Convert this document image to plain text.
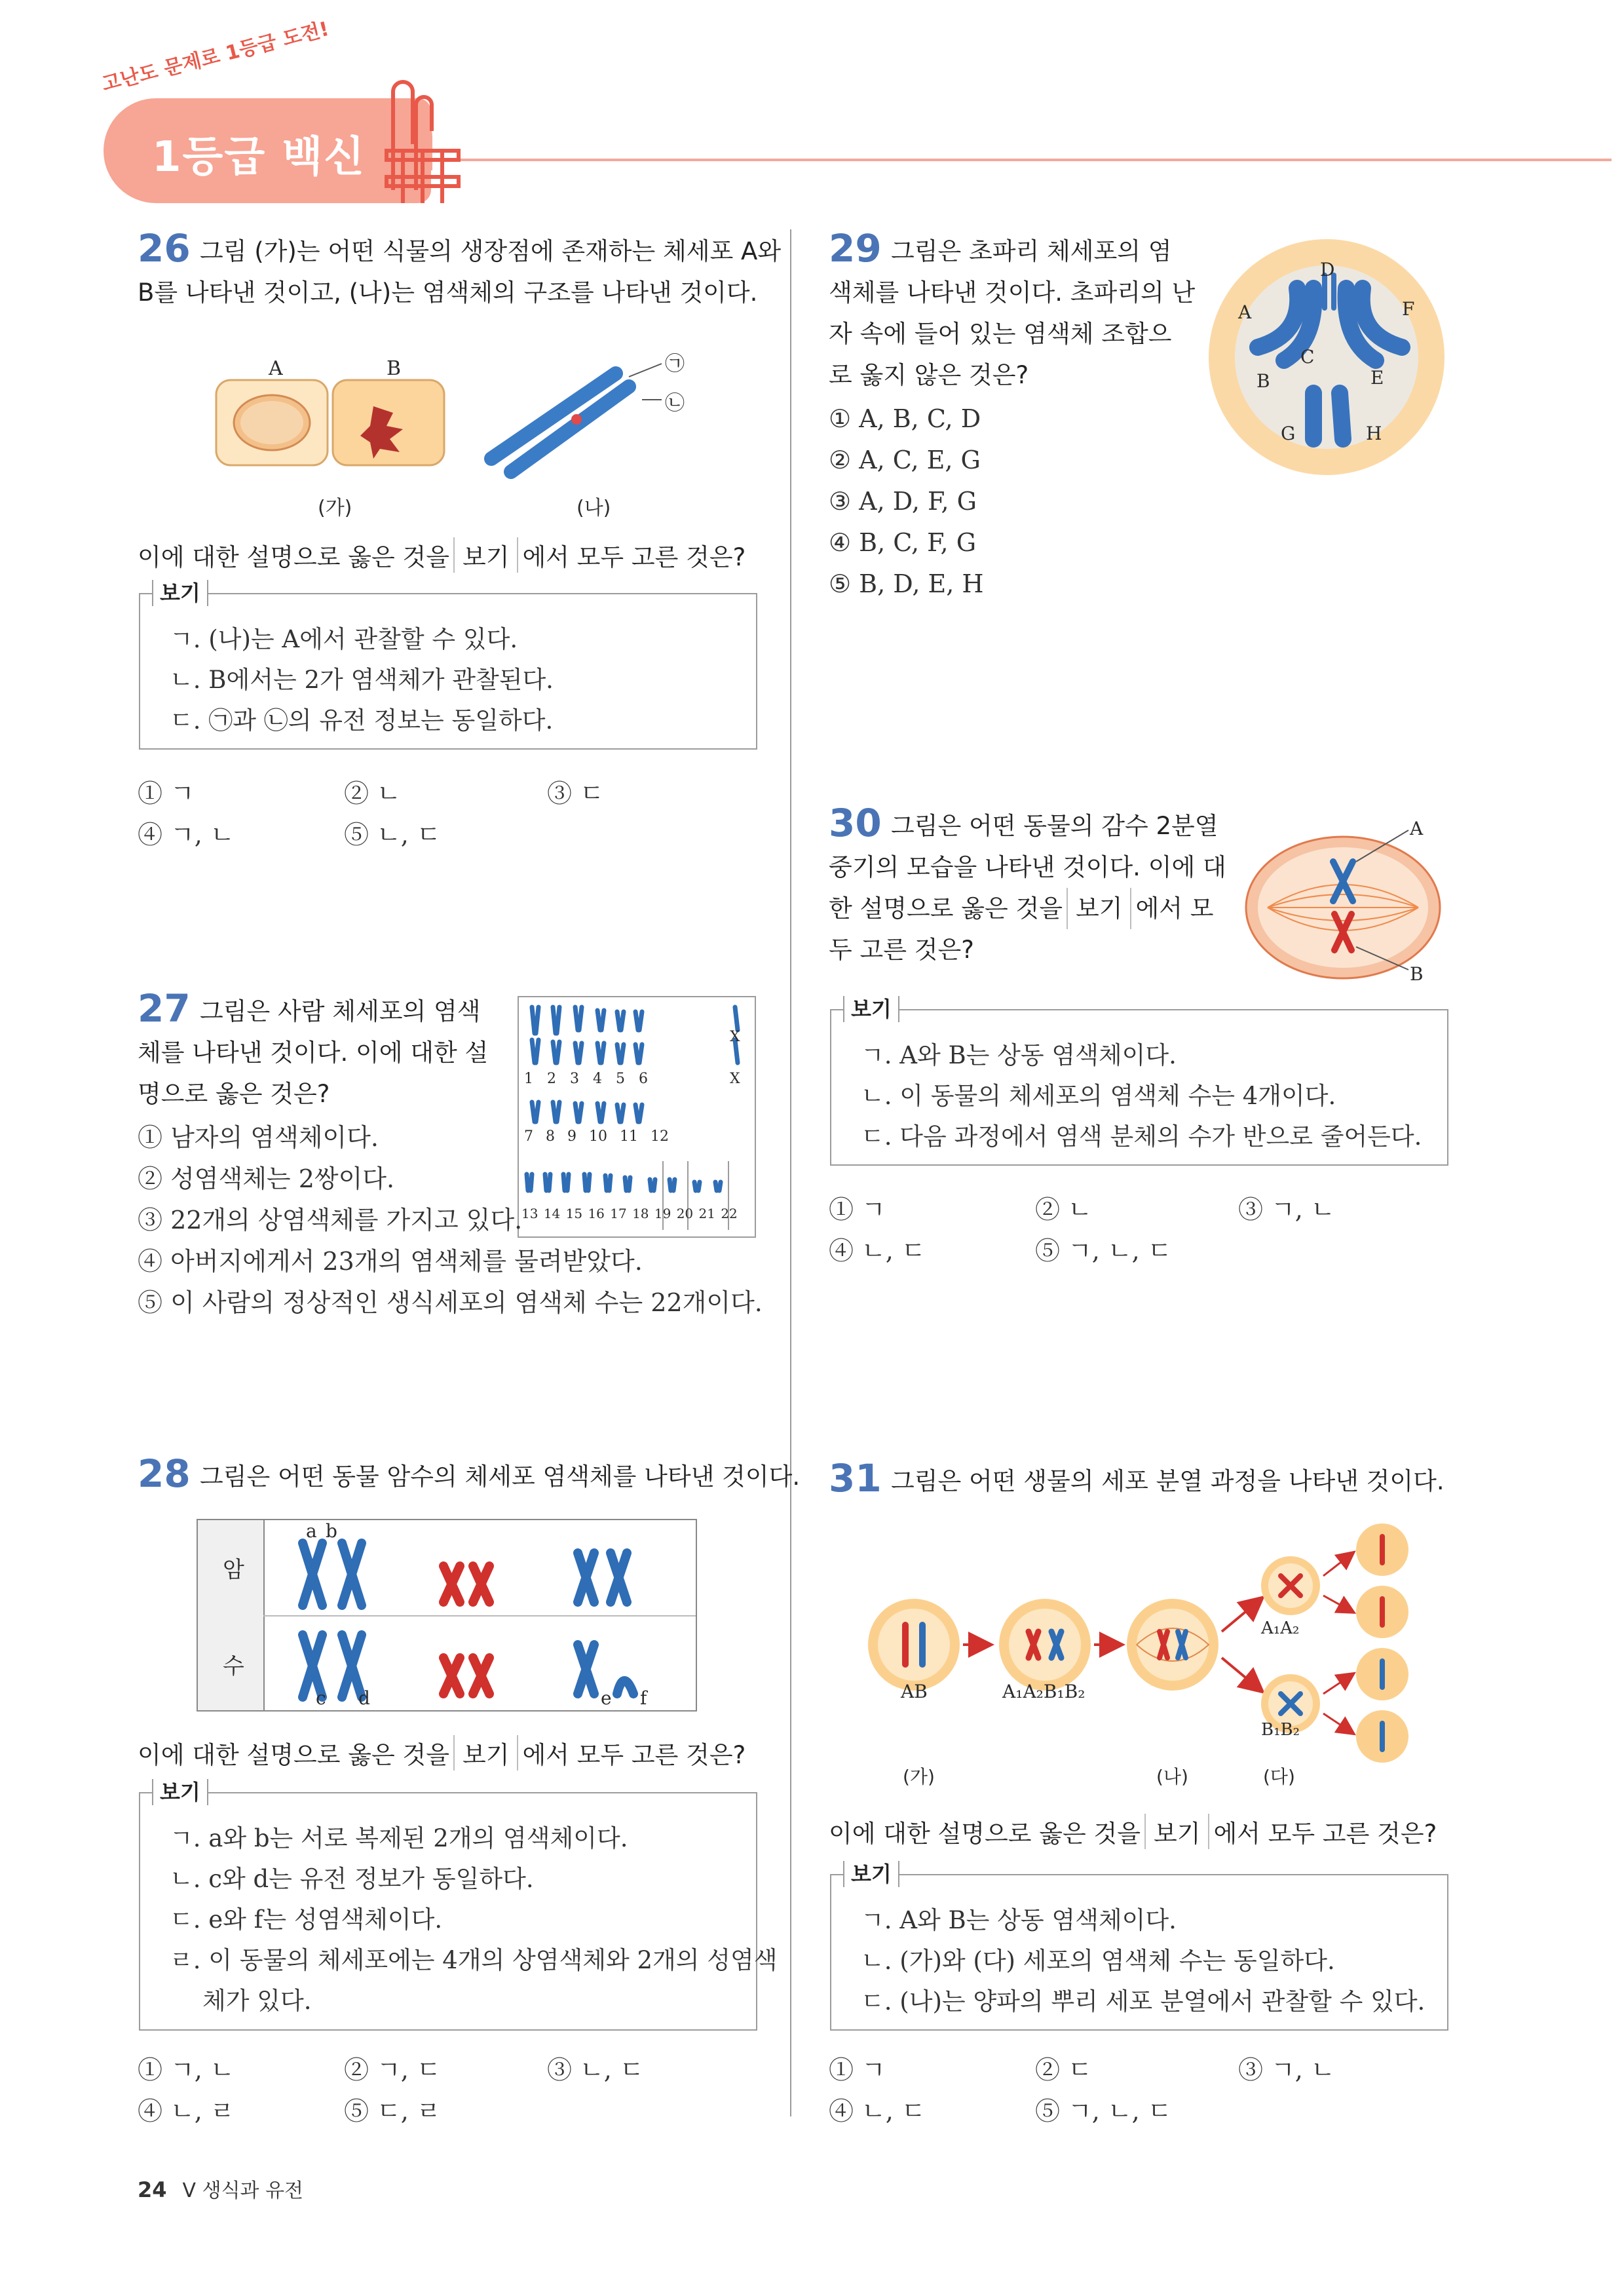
고난도 문제로 1등급 도전!
1등급 백신
26 그림 (가)는 어떤 식물의 생장점에 존재하는 체세포 A와
B를 나타낸 것이고, (나)는 염색체의 구조를 나타낸 것이다.
A	B	㉠
㉡
(가)	(나)
이에 대한 설명으로 옳은 것을 보기 에서 모두 고른 것은?
보기
ㄱ. (나)는 A에서 관찰할 수 있다.
ㄴ. B에서는 2가 염색체가 관찰된다.
ㄷ. ㉠과 ㉡의 유전 정보는 동일하다.
① ㄱ	② ㄴ	③ ㄷ
④ ㄱ, ㄴ	⑤ ㄴ, ㄷ
27 그림은 사람 체세포의 염색
체를 나타낸 것이다. 이에 대한 설
명으로 옳은 것은?
1 2 3 4 5 6
7 8 9 10 11 12
13 14 15 16 17 18 19 20 21 22
X
X
① 남자의 염색체이다.
② 성염색체는 2쌍이다.
③ 22개의 상염색체를 가지고 있다.
④ 아버지에게서 23개의 염색체를 물려받았다.
⑤ 이 사람의 정상적인 생식세포의 염색체 수는 22개이다.
28 그림은 어떤 동물 암수의 체세포 염색체를 나타낸 것이다.
암
수
a b
c d	e f
이에 대한 설명으로 옳은 것을 보기 에서 모두 고른 것은?
보기
ㄱ. a와 b는 서로 복제된 2개의 염색체이다.
ㄴ. c와 d는 유전 정보가 동일하다.
ㄷ. e와 f는 성염색체이다.
ㄹ. 이 동물의 체세포에는 4개의 상염색체와 2개의 성염색
체가 있다.
① ㄱ, ㄴ	② ㄱ, ㄷ	③ ㄴ, ㄷ
④ ㄴ, ㄹ	⑤ ㄷ, ㄹ
29 그림은 초파리 체세포의 염
색체를 나타낸 것이다. 초파리의 난
자 속에 들어 있는 염색체 조합으
로 옳지 않은 것은?
A
B
C
D
E
F
G	H
① A, B, C, D
② A, C, E, G
③ A, D, F, G
④ B, C, F, G
⑤ B, D, E, H
30 그림은 어떤 동물의 감수 2분열
중기의 모습을 나타낸 것이다. 이에 대
한 설명으로 옳은 것을 보기 에서 모
두 고른 것은?
A
B
보기
ㄱ. A와 B는 상동 염색체이다.
ㄴ. 이 동물의 체세포의 염색체 수는 4개이다.
ㄷ. 다음 과정에서 염색 분체의 수가 반으로 줄어든다.
① ㄱ	② ㄴ	③ ㄱ, ㄴ
④ ㄴ, ㄷ	⑤ ㄱ, ㄴ, ㄷ
31 그림은 어떤 생물의 세포 분열 과정을 나타낸 것이다.
AB	A₁A₂B₁B₂
A₁A₂
B₁B₂
(가)	(나)	(다)
이에 대한 설명으로 옳은 것을 보기 에서 모두 고른 것은?
보기
ㄱ. A와 B는 상동 염색체이다.
ㄴ. (가)와 (다) 세포의 염색체 수는 동일하다.
ㄷ. (나)는 양파의 뿌리 세포 분열에서 관찰할 수 있다.
① ㄱ	② ㄷ	③ ㄱ, ㄴ
④ ㄴ, ㄷ	⑤ ㄱ, ㄴ, ㄷ
24 V 생식과 유전
